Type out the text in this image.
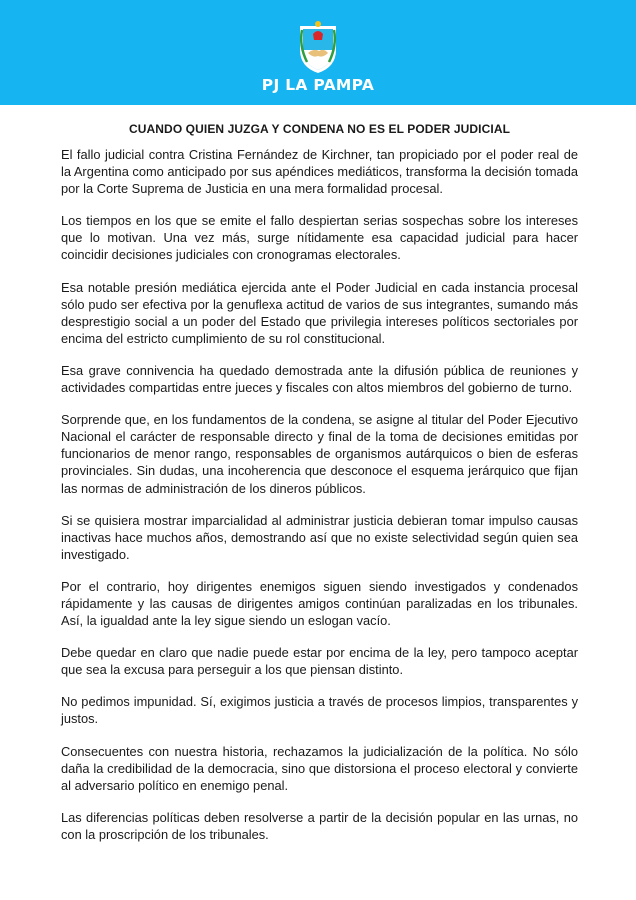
PJ LA PAMPA
CUANDO QUIEN JUZGA Y CONDENA NO ES EL PODER JUDICIAL

El fallo judicial contra Cristina Fernández de Kirchner, tan propiciado por el poder real de la Argentina como anticipado por sus apéndices mediáticos, transforma la decisión tomada por la Corte Suprema de Justicia en una mera formalidad procesal.

Los tiempos en los que se emite el fallo despiertan serias sospechas sobre los intereses que lo motivan. Una vez más, surge nítidamente esa capacidad judicial para hacer coincidir decisiones judiciales con cronogramas electorales.

Esa notable presión mediática ejercida ante el Poder Judicial en cada instancia procesal sólo pudo ser efectiva por la genuflexa actitud de varios de sus integrantes, sumando más desprestigio social a un poder del Estado que privilegia intereses políticos sectoriales por encima del estricto cumplimiento de su rol constitucional.

Esa grave connivencia ha quedado demostrada ante la difusión pública de reuniones y actividades compartidas entre jueces y fiscales con altos miembros del gobierno de turno.

Sorprende que, en los fundamentos de la condena, se asigne al titular del Poder Ejecutivo Nacional el carácter de responsable directo y final de la toma de decisiones emitidas por funcionarios de menor rango, responsables de organismos autárquicos o bien de esferas provinciales. Sin dudas, una incoherencia que desconoce el esquema jerárquico que fijan las normas de administración de los dineros públicos.

Si se quisiera mostrar imparcialidad al administrar justicia debieran tomar impulso causas inactivas hace muchos años, demostrando así que no existe selectividad según quien sea investigado.

Por el contrario, hoy dirigentes enemigos siguen siendo investigados y condenados rápidamente y las causas de dirigentes amigos continúan paralizadas en los tribunales. Así, la igualdad ante la ley sigue siendo un eslogan vacío.

Debe quedar en claro que nadie puede estar por encima de la ley, pero tampoco aceptar que sea la excusa para perseguir a los que piensan distinto.

No pedimos impunidad. Sí, exigimos justicia a través de procesos limpios, transparentes y justos.

Consecuentes con nuestra historia, rechazamos la judicialización de la política. No sólo daña la credibilidad de la democracia, sino que distorsiona el proceso electoral y convierte al adversario político en enemigo penal.

Las diferencias políticas deben resolverse a partir de la decisión popular en las urnas, no con la proscripción de los tribunales.
